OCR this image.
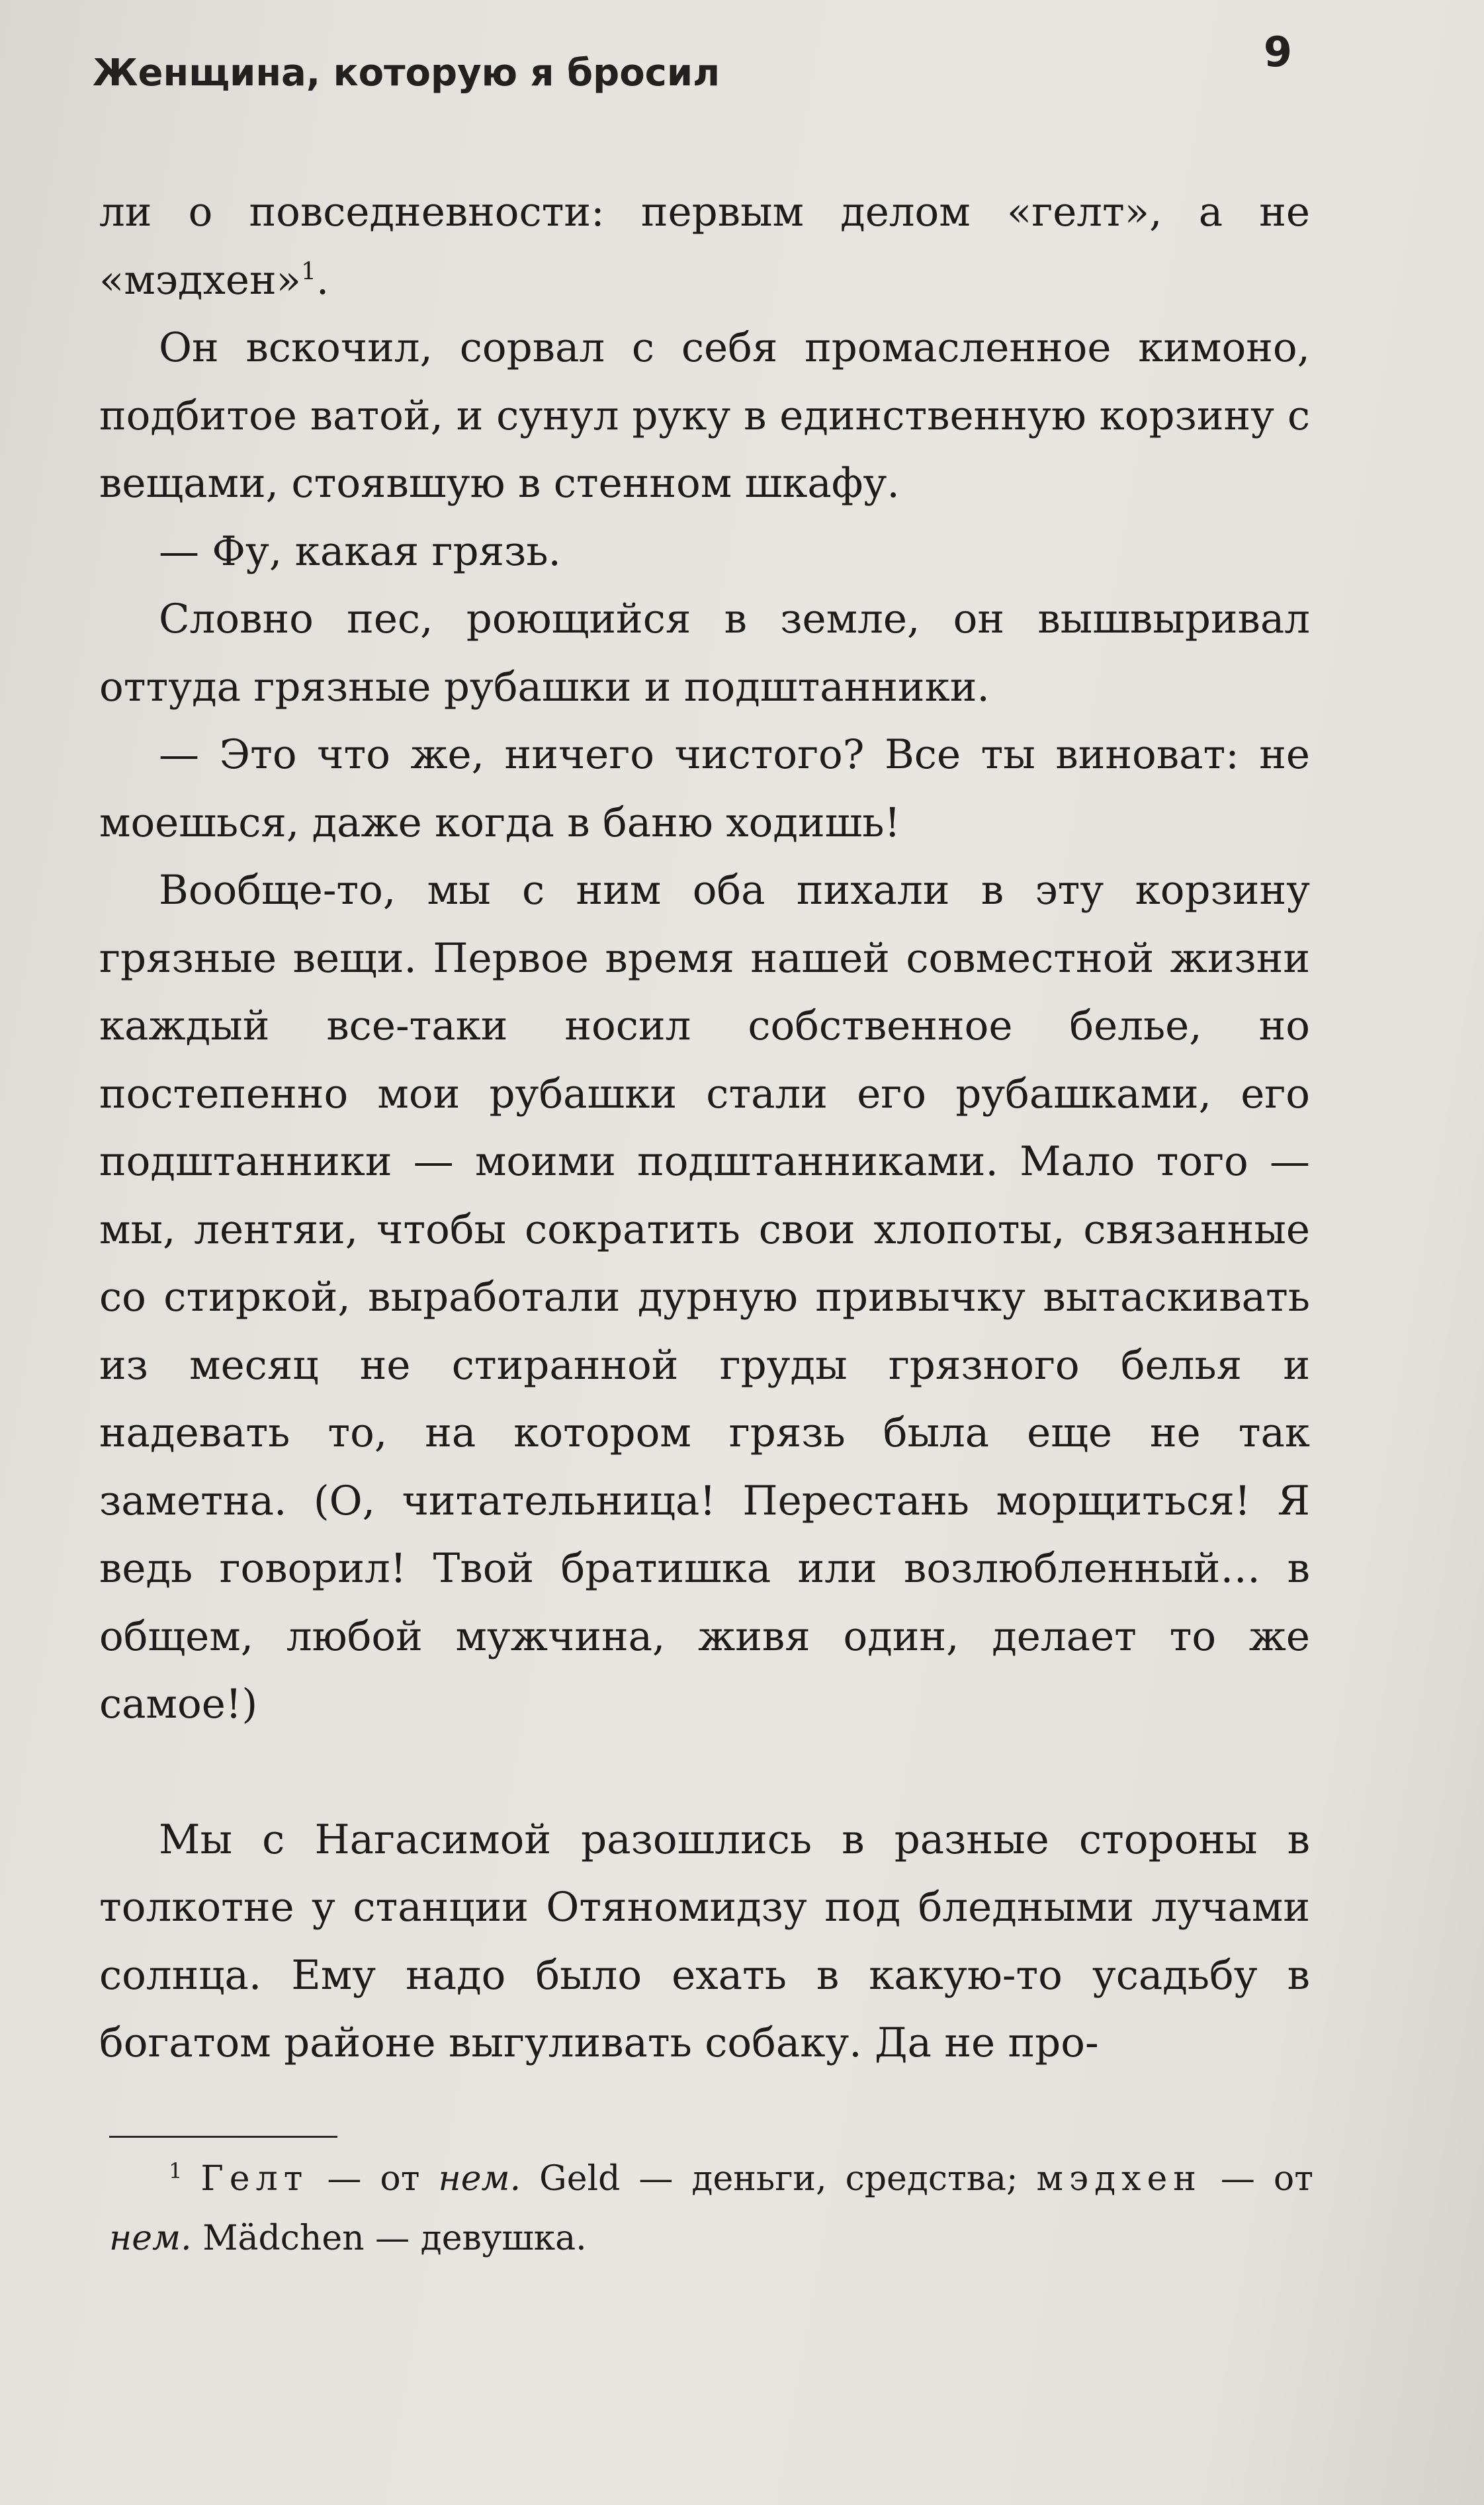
Женщина, которую я бросил	9

ли о повседневности: первым делом «гелт», а не «мэдхен»$^1$.

Он вскочил, сорвал с себя промасленное кимоно, подбитое ватой, и сунул руку в единственную корзину с вещами, стоявшую в стенном шкафу.

— Фу, какая грязь.

Словно пес, роющийся в земле, он вышвыривал оттуда грязные рубашки и подштанники.

— Это что же, ничего чистого? Все ты виноват: не моешься, даже когда в баню ходишь!

Вообще-то, мы с ним оба пихали в эту корзину грязные вещи. Первое время нашей совместной жизни каждый все-таки носил собственное белье, но постепенно мои рубашки стали его рубашками, его подштанники — моими подштанниками. Мало того — мы, лентяи, чтобы сократить свои хлопоты, связанные со стиркой, выработали дурную привычку вытаскивать из месяц не стиранной груды грязного белья и надевать то, на котором грязь была еще не так заметна. (О, читательница! Перестань морщиться! Я ведь говорил! Твой братишка или возлюбленный… в общем, любой мужчина, живя один, делает то же самое!)

Мы с Нагасимой разошлись в разные стороны в толкотне у станции Отяномидзу под бледными лучами солнца. Ему надо было ехать в какую-то усадьбу в богатом районе выгуливать собаку. Да не про-

1 Гелт — от нем. Geld — деньги, средства; мэдхен — от нем. Mädchen — девушка.
